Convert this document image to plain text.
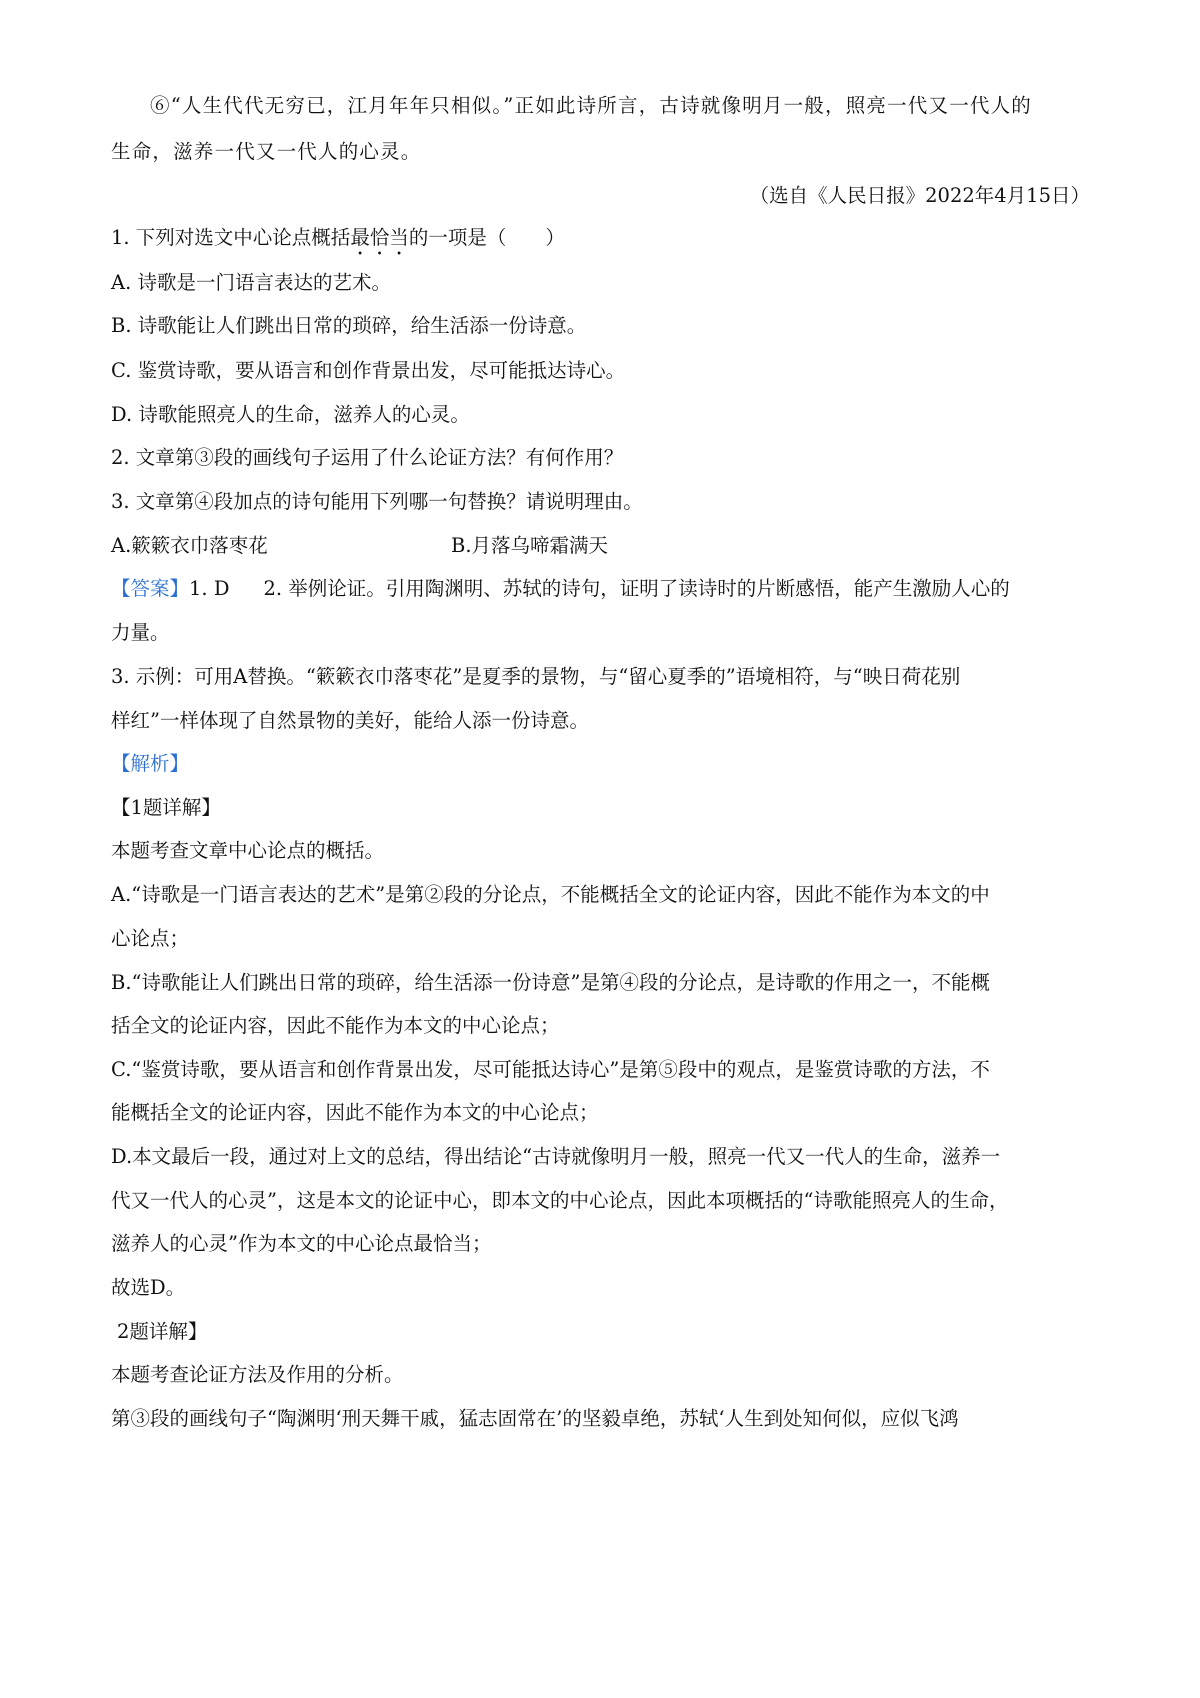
⑥“人生代代无穷已，江月年年只相似。”正如此诗所言，古诗就像明月一般，照亮一代又一代人的
生命，滋养一代又一代人的心灵。
（选自《人民日报》2022年4月15日）
1. 下列对选文中心论点概括最恰当的一项是（　　）
A. 诗歌是一门语言表达的艺术。
B. 诗歌能让人们跳出日常的琐碎，给生活添一份诗意。
C. 鉴赏诗歌，要从语言和创作背景出发，尽可能抵达诗心。
D. 诗歌能照亮人的生命，滋养人的心灵。
2. 文章第③段的画线句子运用了什么论证方法？有何作用？
3. 文章第④段加点的诗句能用下列哪一句替换？请说明理由。
A.簌簌衣巾落枣花	B.月落乌啼霜满天
【答案】1. D 2. 举例论证。引用陶渊明、苏轼的诗句，证明了读诗时的片断感悟，能产生激励人心的
力量。
3. 示例：可用A替换。“簌簌衣巾落枣花”是夏季的景物，与“留心夏季的”语境相符，与“映日荷花别
样红”一样体现了自然景物的美好，能给人添一份诗意。
【解析】
【1题详解】
本题考查文章中心论点的概括。
A.“诗歌是一门语言表达的艺术”是第②段的分论点，不能概括全文的论证内容，因此不能作为本文的中
心论点；
B.“诗歌能让人们跳出日常的琐碎，给生活添一份诗意”是第④段的分论点，是诗歌的作用之一，不能概
括全文的论证内容，因此不能作为本文的中心论点；
C.“鉴赏诗歌，要从语言和创作背景出发，尽可能抵达诗心”是第⑤段中的观点，是鉴赏诗歌的方法，不
能概括全文的论证内容，因此不能作为本文的中心论点；
D.本文最后一段，通过对上文的总结，得出结论“古诗就像明月一般，照亮一代又一代人的生命，滋养一
代又一代人的心灵”，这是本文的论证中心，即本文的中心论点，因此本项概括的“诗歌能照亮人的生命，
滋养人的心灵”作为本文的中心论点最恰当；
故选D。
2题详解】
本题考查论证方法及作用的分析。
第③段的画线句子“陶渊明‘刑天舞干戚，猛志固常在’的坚毅卓绝，苏轼‘人生到处知何似，应似飞鸿
